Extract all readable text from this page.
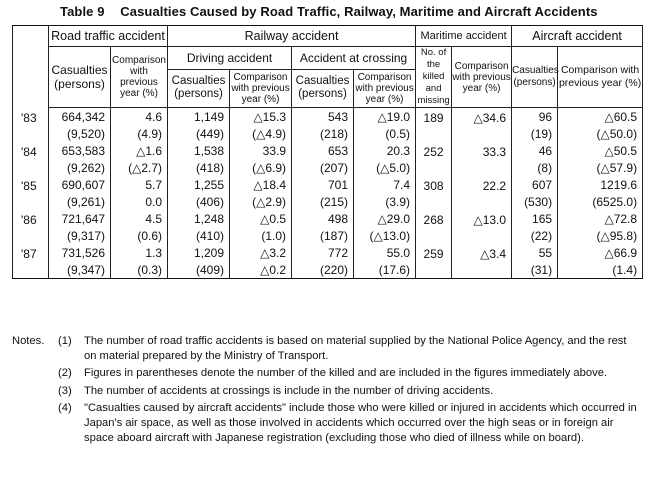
Table 9 Casualties Caused by Road Traffic, Railway, Maritime and Aircraft Accidents
	Road traffic accident		Railway accident				Maritime accident		Aircraft accident	
	Casualties (persons)	Comparison with previous year (%)	Driving accident		Accident at crossing		No. of the killed and missing	Comparison with previous year (%)	Casualties (persons)	Comparison with previous year (%)
			Casualties (persons)	Comparison with previous year (%)	Casualties (persons)	Comparison with previous year (%)				
'83	664,342	4.6	1,149	△15.3	543	△19.0	189	△34.6	96	△60.5
	(9,520)	(4.9)	(449)	(△4.9)	(218)	(0.5)			(19)	(△50.0)
'84	653,583	△1.6	1,538	33.9	653	20.3	252	33.3	46	△50.5
	(9,262)	(△2.7)	(418)	(△6.9)	(207)	(△5.0)			(8)	(△57.9)
'85	690,607	5.7	1,255	△18.4	701	7.4	308	22.2	607	1219.6
	(9,261)	0.0	(406)	(△2.9)	(215)	(3.9)			(530)	(6525.0)
'86	721,647	4.5	1,248	△0.5	498	△29.0	268	△13.0	165	△72.8
	(9,317)	(0.6)	(410)	(1.0)	(187)	(△13.0)			(22)	(△95.8)
'87	731,526	1.3	1,209	△3.2	772	55.0	259	△3.4	55	△66.9
	(9,347)	(0.3)	(409)	△0.2	(220)	(17.6)			(31)	(1.4)
Notes.	(1)	The number of road traffic accidents is based on material supplied by the National Police Agency, and the rest on material prepared by the Ministry of Transport.
(2)	Figures in parentheses denote the number of the killed and are included in the figures immediately above.
(3)	The number of accidents at crossings is include in the number of driving accidents.
(4)	"Casualties caused by aircraft accidents" include those who were killed or injured in accidents which occurred in Japan's air space, as well as those involved in accidents which occurred over the high seas or in foreign air space aboard aircraft with Japanese registration (excluding those who died of illness while on board).
